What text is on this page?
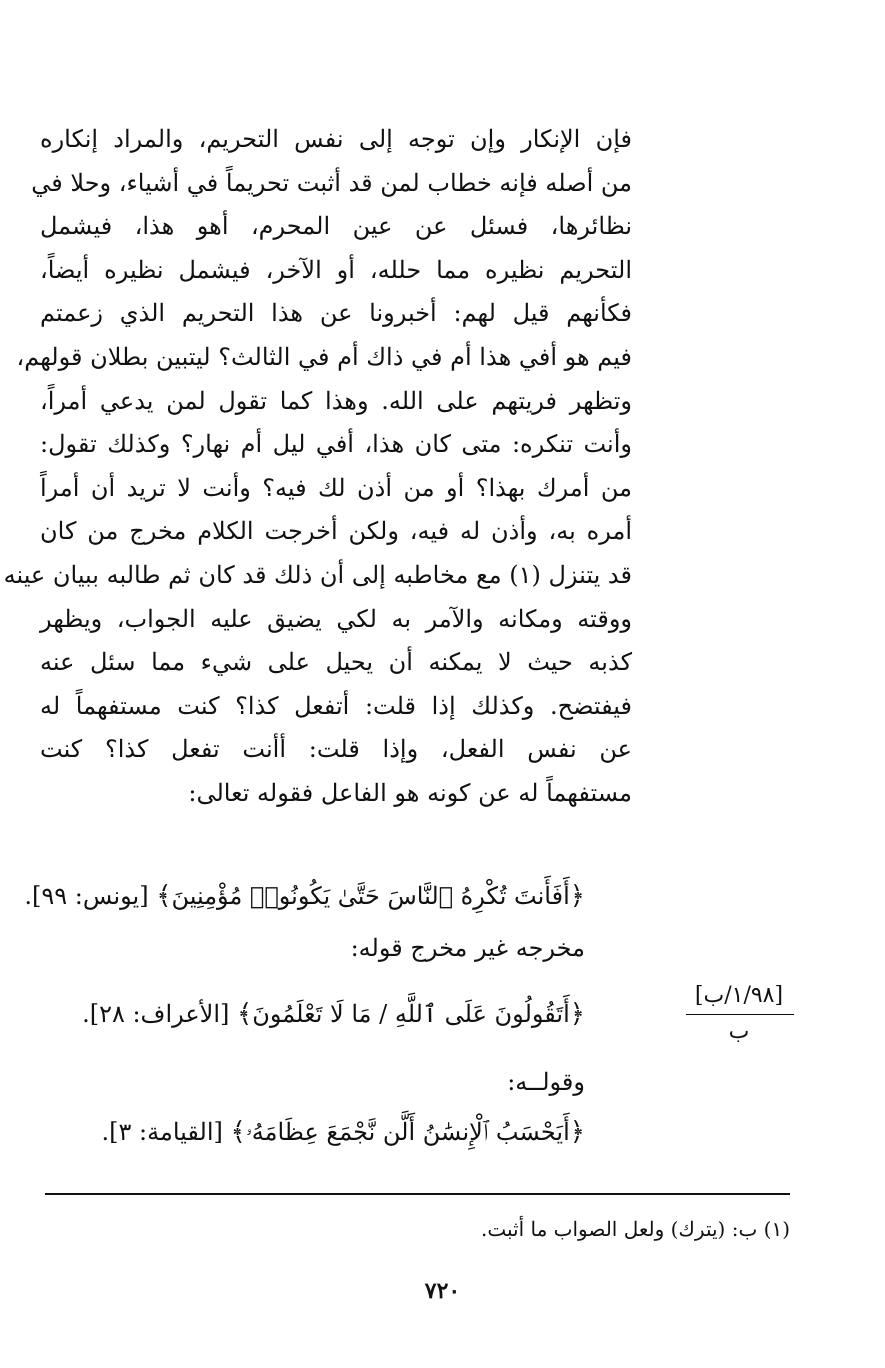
فإن الإنكار وإن توجه إلى نفس التحريم، والمراد إنكاره
من أصله فإنه خطاب لمن قد أثبت تحريماً في أشياء، وحلا في
نظائرها، فسئل عن عين المحرم، أهو هذا، فيشمل
التحريم نظيره مما حلله، أو الآخر، فيشمل نظيره أيضاً،
فكأنهم قيل لهم: أخبرونا عن هذا التحريم الذي زعمتم
فيم هو أفي هذا أم في ذاك أم في الثالث؟ ليتبين بطلان قولهم،
وتظهر فريتهم على الله. وهذا كما تقول لمن يدعي أمراً،
وأنت تنكره: متى كان هذا، أفي ليل أم نهار؟ وكذلك تقول:
من أمرك بهذا؟ أو من أذن لك فيه؟ وأنت لا تريد أن أمراً
أمره به، وأذن له فيه، ولكن أخرجت الكلام مخرج من كان
قد يتنزل (١) مع مخاطبه إلى أن ذلك قد كان ثم طالبه ببيان عينه
ووقته ومكانه والآمر به لكي يضيق عليه الجواب، ويظهر
كذبه حيث لا يمكنه أن يحيل على شيء مما سئل عنه
فيفتضح. وكذلك إذا قلت: أتفعل كذا؟ كنت مستفهماً له
عن نفس الفعل، وإذا قلت: أأنت تفعل كذا؟ كنت
مستفهماً له عن كونه هو الفاعل فقوله تعالى:
﴿أَفَأَنتَ تُكْرِهُ ٱلنَّاسَ حَتَّىٰ يَكُونُوا۟ مُؤْمِنِينَ﴾ [يونس: ٩٩].
مخرجه غير مخرج قوله:
﴿أَتَقُولُونَ عَلَى ٱللَّهِ / مَا لَا تَعْلَمُونَ﴾ [الأعراف: ٢٨].
وقولــه:
﴿أَيَحْسَبُ ٱلْإِنسَٰنُ أَلَّن نَّجْمَعَ عِظَامَهُۥ﴾ [القيامة: ٣].
[١/٩٨/ب]
ب
(١) ب: (يترك) ولعل الصواب ما أثبت.
٧٢٠
